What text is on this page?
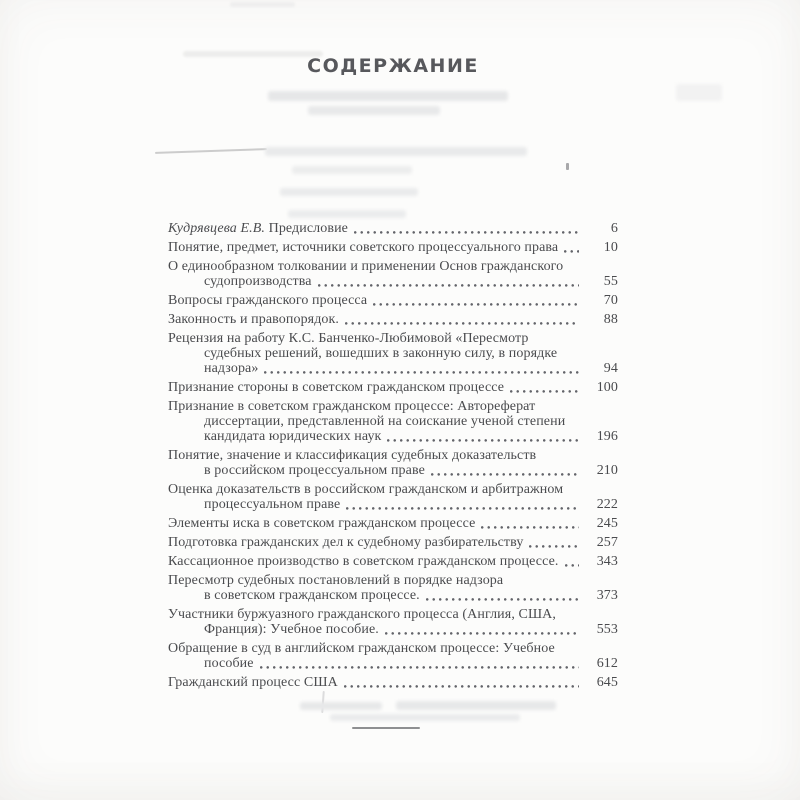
СОДЕРЖАНИЕ
Кудрявцева Е.В. Предисловие	6
Понятие, предмет, источники советского процессуального права	10
О единообразном толковании и применении Основ гражданского
судопроизводства	55
Вопросы гражданского процесса	70
Законность и правопорядок.	88
Рецензия на работу К.С. Банченко-Любимовой «Пересмотр
судебных решений, вошедших в законную силу, в порядке
надзора»	94
Признание стороны в советском гражданском процессе	100
Признание в советском гражданском процессе: Автореферат
диссертации, представленной на соискание ученой степени
кандидата юридических наук	196
Понятие, значение и классификация судебных доказательств
в российском процессуальном праве	210
Оценка доказательств в российском гражданском и арбитражном
процессуальном праве	222
Элементы иска в советском гражданском процессе	245
Подготовка гражданских дел к судебному разбирательству	257
Кассационное производство в советском гражданском процессе.	343
Пересмотр судебных постановлений в порядке надзора
в советском гражданском процессе.	373
Участники буржуазного гражданского процесса (Англия, США,
Франция): Учебное пособие.	553
Обращение в суд в английском гражданском процессе: Учебное
пособие	612
Гражданский процесс США	645
